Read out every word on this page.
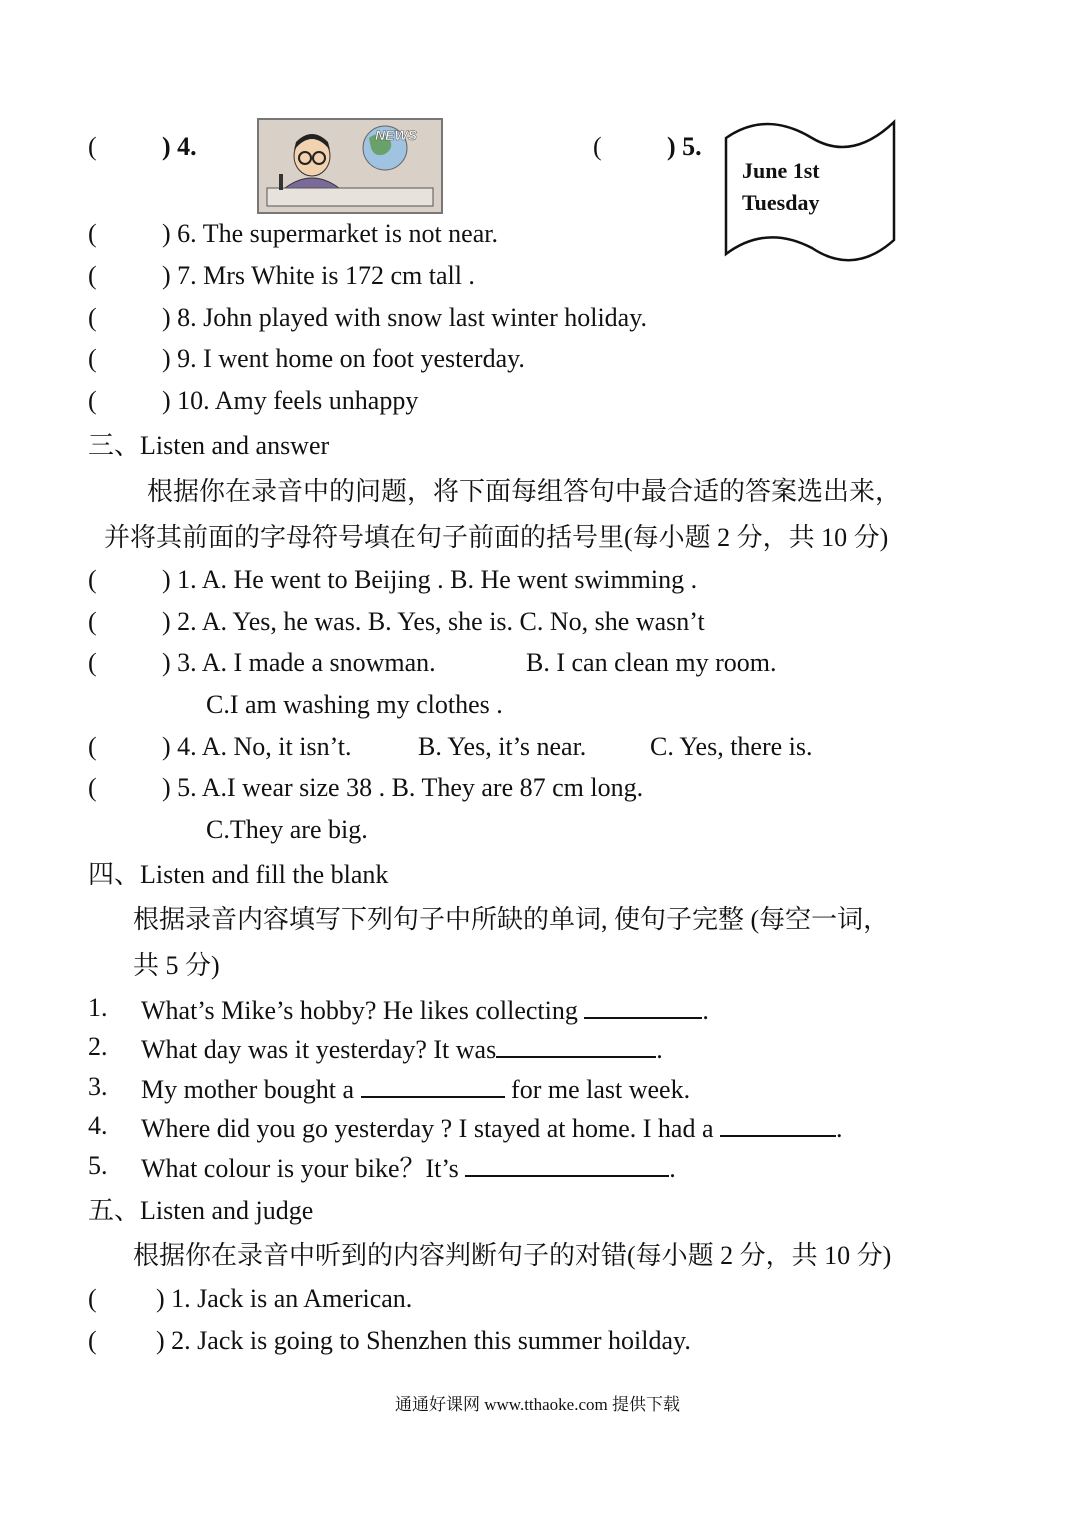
(	) 4.	NEWS	(	) 5.
June 1st
Tuesday
(	) 6. The supermarket is not near.
(	) 7. Mrs White is 172 cm tall .
(	) 8. John played with snow last winter holiday.
(	) 9. I went home on foot yesterday.
(	) 10. Amy feels unhappy
三、Listen and answer
根据你在录音中的问题，将下面每组答句中最合适的答案选出来，
并将其前面的字母符号填在句子前面的括号里(每小题 2 分，共 10 分)
(	) 1. A. He went to Beijing . B. He went swimming .
(	) 2. A. Yes, he was. B. Yes, she is. C. No, she wasn’t
(	) 3. A. I made a snowman.	B. I can clean my room.
C.I am washing my clothes .
(	) 4. A. No, it isn’t.	B. Yes, it’s near. C. Yes, there is.
(	) 5. A.I wear size 38 . B. They are 87 cm long.
C.They are big.
四、Listen and fill the blank
根据录音内容填写下列句子中所缺的单词, 使句子完整 (每空一词，
共 5 分)
1. What’s Mike’s hobby? He likes collecting	.
2. What day was it yesterday? It was	.
3. My mother bought a	for me last week.
4. Where did you go yesterday ? I stayed at home. I had a	.
5. What colour is your bike？It’s	.
五、Listen and judge
根据你在录音中听到的内容判断句子的对错(每小题 2 分，共 10 分)
( ) 1. Jack is an American.
( ) 2. Jack is going to Shenzhen this summer hoilday.
通通好课网 www.tthaoke.com 提供下载
